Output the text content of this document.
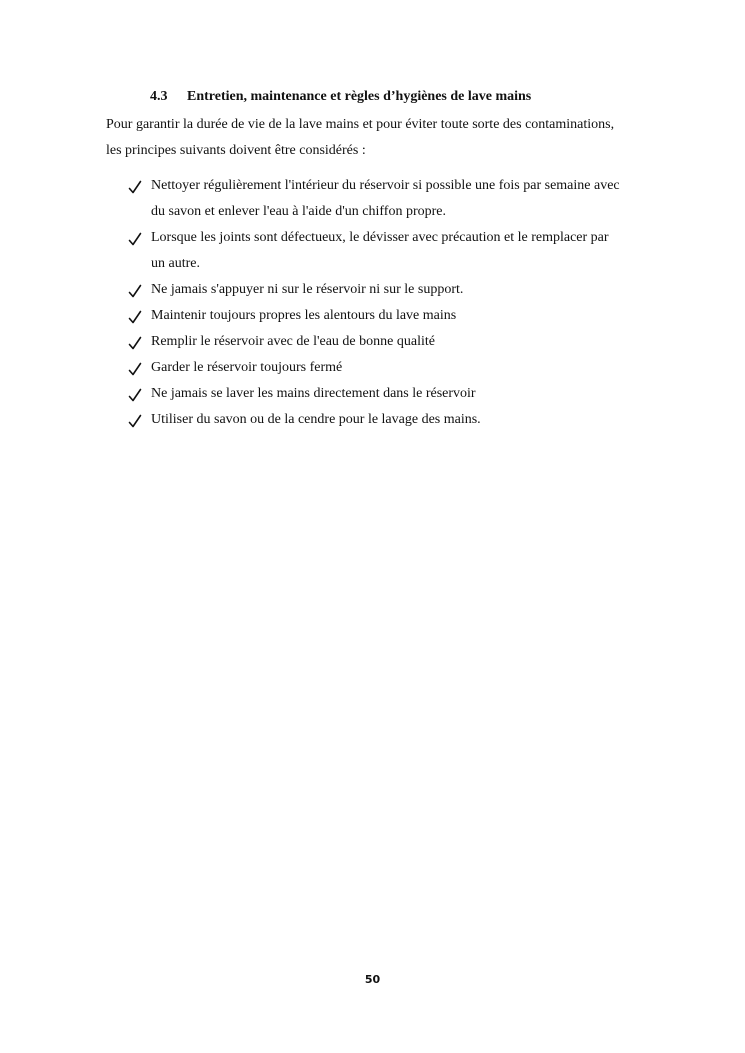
4.3 Entretien, maintenance et règles d’hygiènes de lave mains

Pour garantir la durée de vie de la lave mains et pour éviter toute sorte des contaminations,

les principes suivants doivent être considérés :

Nettoyer régulièrement l'intérieur du réservoir si possible une fois par semaine avec
du savon et enlever l'eau à l'aide d'un chiffon propre.
Lorsque les joints sont défectueux, le dévisser avec précaution et le remplacer par
un autre.
Ne jamais s'appuyer ni sur le réservoir ni sur le support.
Maintenir toujours propres les alentours du lave mains
Remplir le réservoir avec de l'eau de bonne qualité
Garder le réservoir toujours fermé
Ne jamais se laver les mains directement dans le réservoir
Utiliser du savon ou de la cendre pour le lavage des mains.
50
